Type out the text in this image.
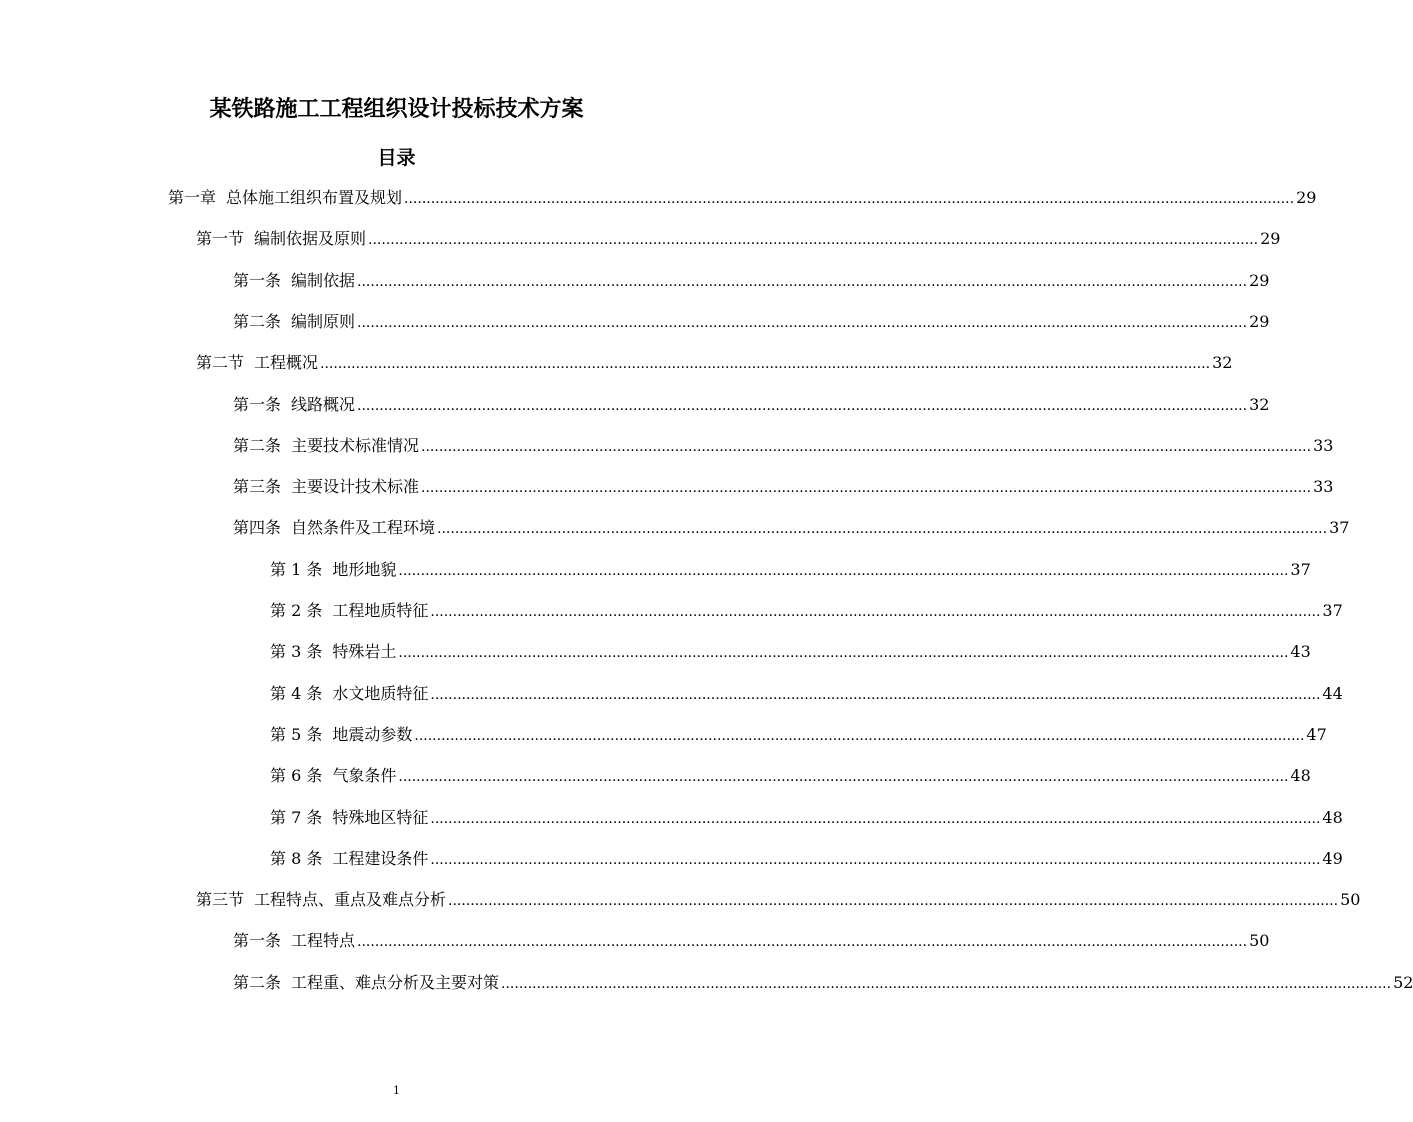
某铁路施工工程组织设计投标技术方案
目录
第一章 总体施工组织布置及规划 ........................................................................................................................................................................................................ 29
第一节 编制依据及原则 ........................................................................................................................................................................................................ 29
第一条 编制依据 ........................................................................................................................................................................................................ 29
第二条 编制原则 ........................................................................................................................................................................................................ 29
第二节 工程概况 ........................................................................................................................................................................................................ 32
第一条 线路概况 ........................................................................................................................................................................................................ 32
第二条 主要技术标准情况 ........................................................................................................................................................................................................ 33
第三条 主要设计技术标准 ........................................................................................................................................................................................................ 33
第四条 自然条件及工程环境 ........................................................................................................................................................................................................ 37
第 1 条 地形地貌 ........................................................................................................................................................................................................ 37
第 2 条 工程地质特征 ........................................................................................................................................................................................................ 37
第 3 条 特殊岩土 ........................................................................................................................................................................................................ 43
第 4 条 水文地质特征 ........................................................................................................................................................................................................ 44
第 5 条 地震动参数 ........................................................................................................................................................................................................ 47
第 6 条 气象条件 ........................................................................................................................................................................................................ 48
第 7 条 特殊地区特征 ........................................................................................................................................................................................................ 48
第 8 条 工程建设条件 ........................................................................................................................................................................................................ 49
第三节 工程特点、重点及难点分析 ........................................................................................................................................................................................................ 50
第一条 工程特点 ........................................................................................................................................................................................................ 50
第二条 工程重、难点分析及主要对策 ........................................................................................................................................................................................................ 52
1
